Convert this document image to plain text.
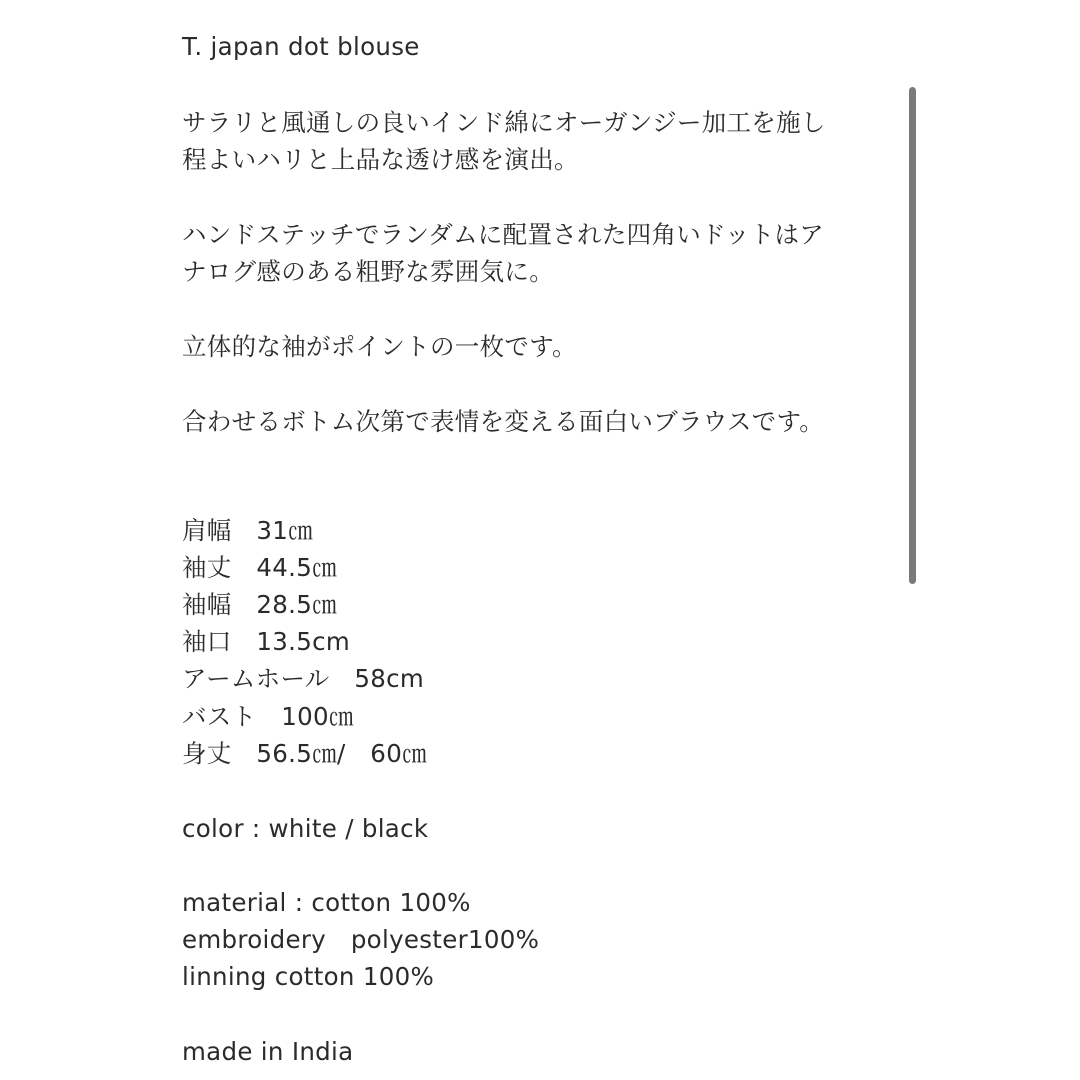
T. japan dot blouse
サラリと風通しの良いインド綿にオーガンジー加工を施し
程よいハリと上品な透け感を演出。
ハンドステッチでランダムに配置された四角いドットはア
ナログ感のある粗野な雰囲気に。
立体的な袖がポイントの一枚です。
合わせるボトム次第で表情を変える面白いブラウスです。
肩幅　31㎝
袖丈　44.5㎝
袖幅　28.5㎝
袖口　13.5cm
アームホール　58cm
バスト　100㎝
身丈　56.5㎝/　60㎝
color : white / black
material : cotton 100%
embroidery　polyester100%
linning cotton 100%
made in India
